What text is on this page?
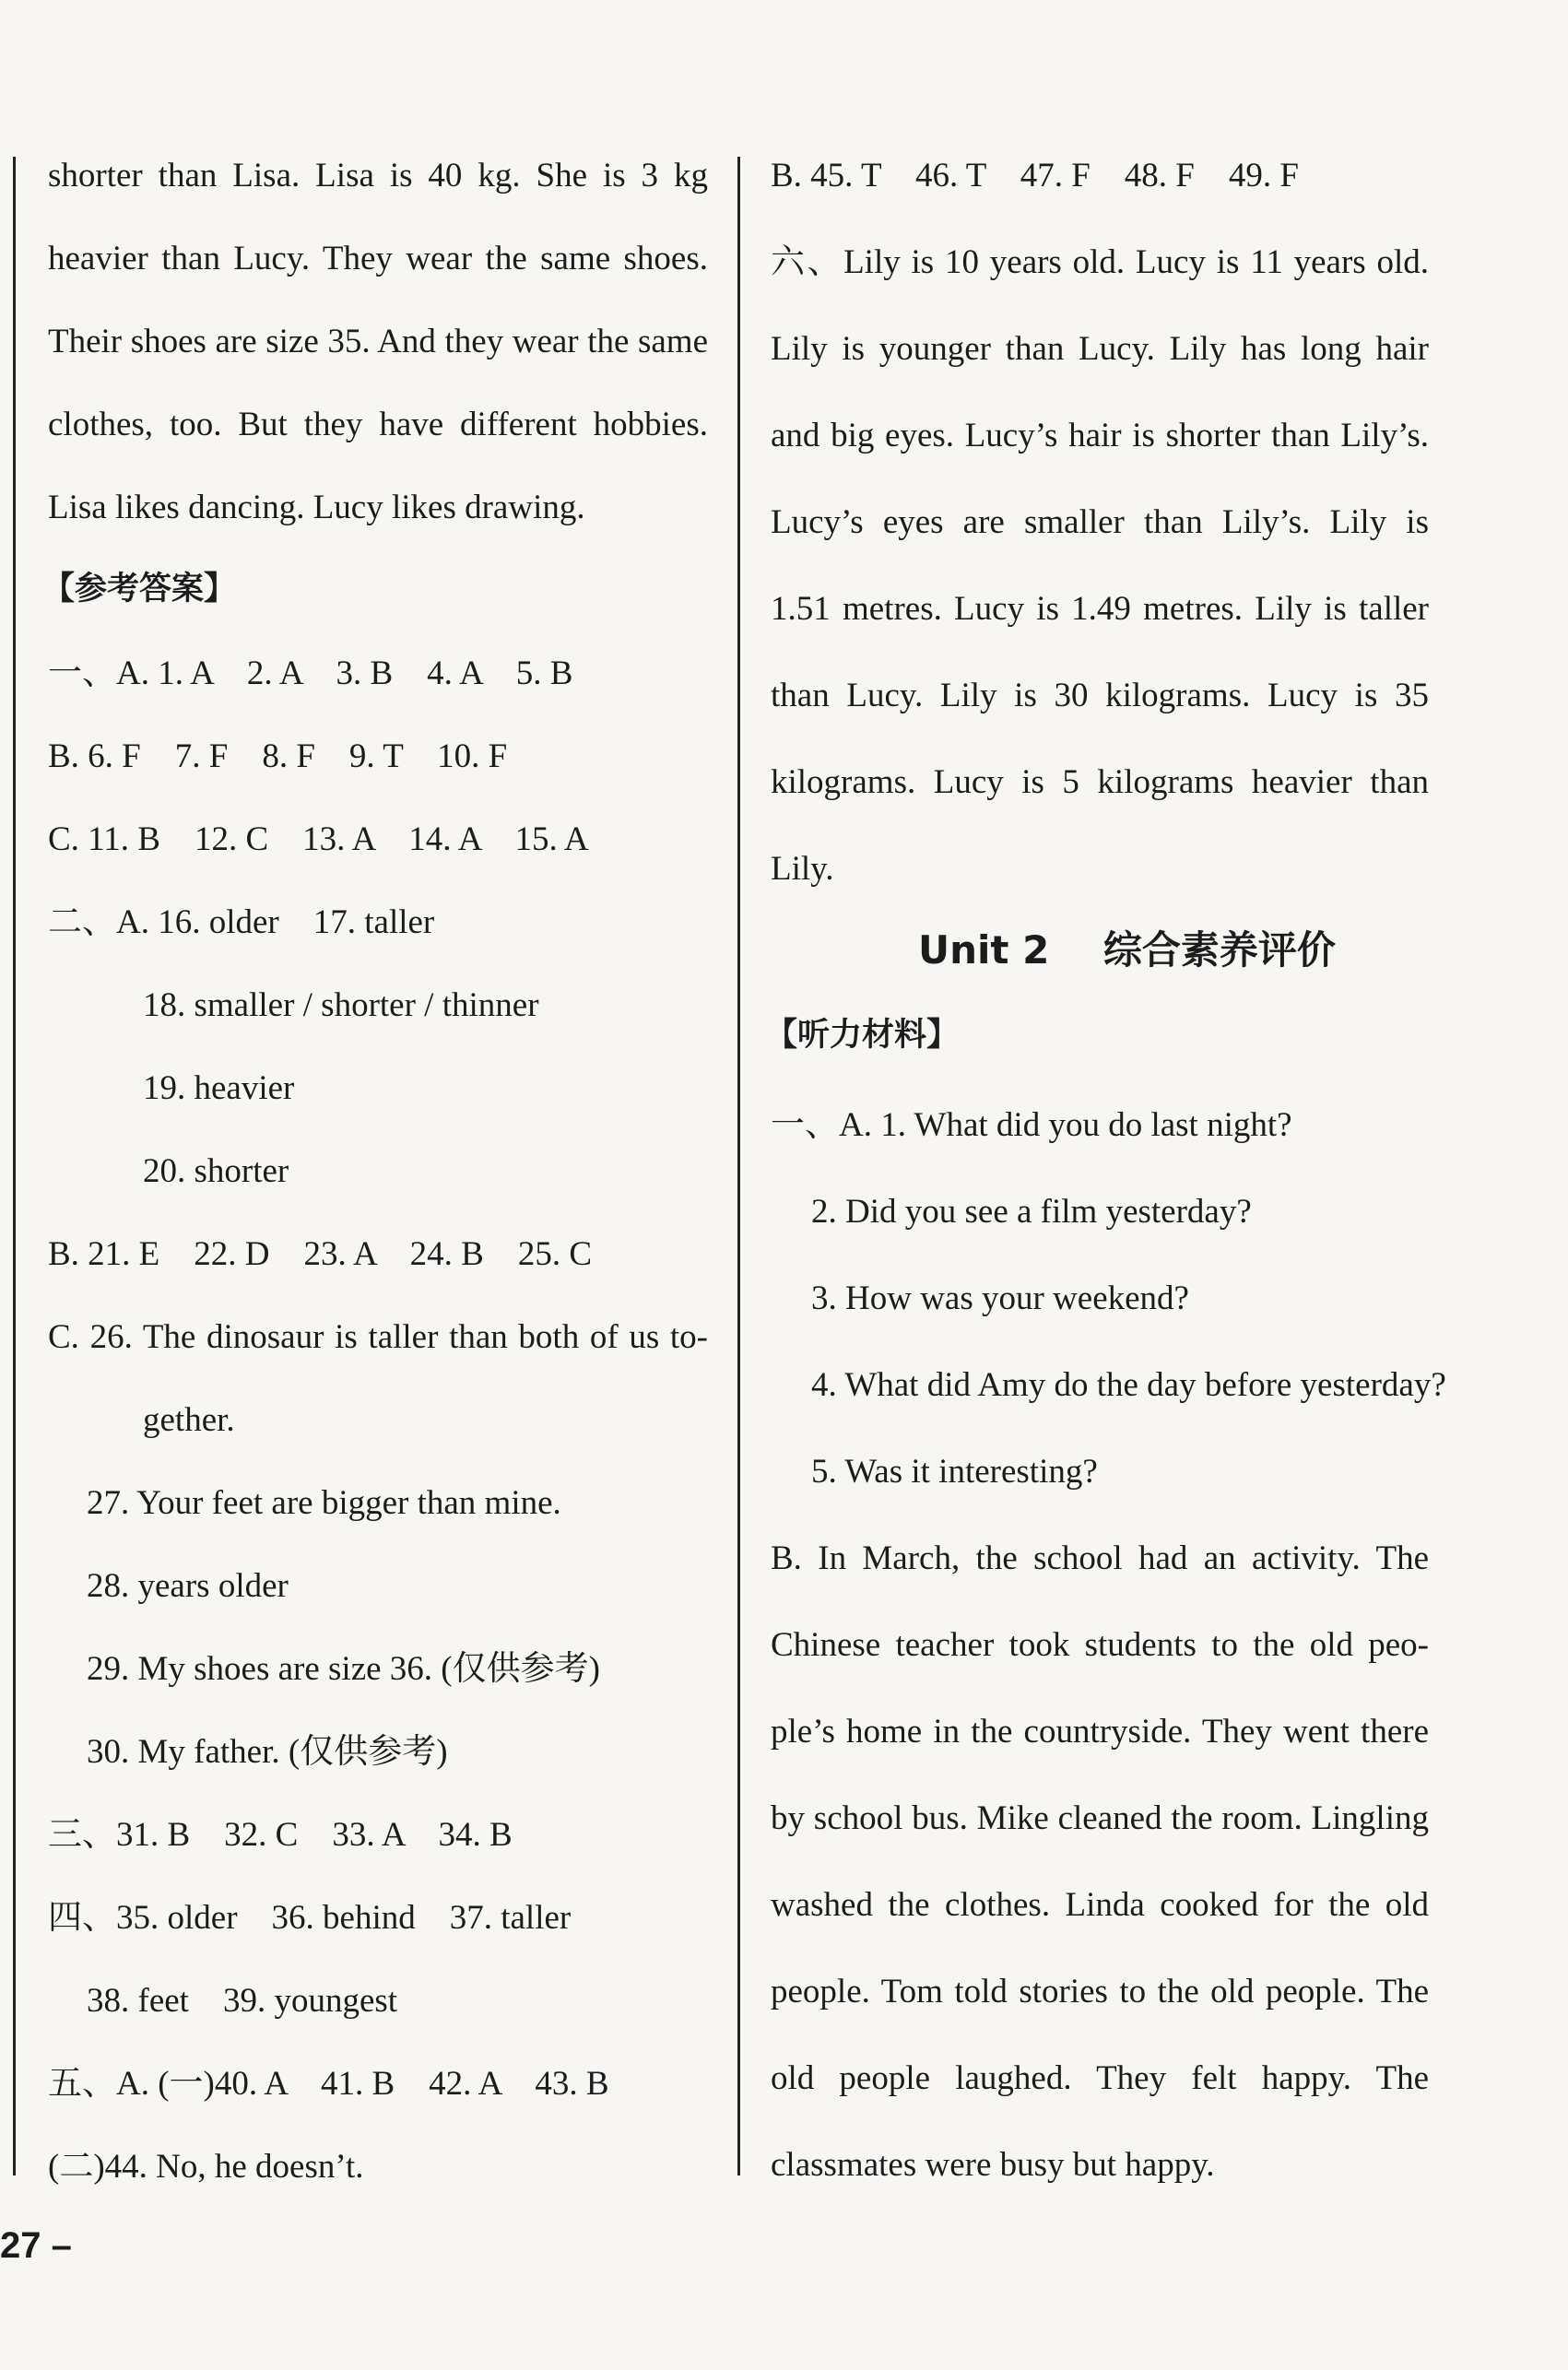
shorter than Lisa. Lisa is 40 kg. She is 3 kg
heavier than Lucy. They wear the same shoes.
Their shoes are size 35. And they wear the same
clothes, too. But they have different hobbies.
Lisa likes dancing. Lucy likes drawing.
【参考答案】
一、A. 1. A    2. A    3. B    4. A    5. B
B. 6. F    7. F    8. F    9. T    10. F
C. 11. B    12. C    13. A    14. A    15. A
二、A. 16. older    17. taller
18. smaller / shorter / thinner
19. heavier
20. shorter
B. 21. E    22. D    23. A    24. B    25. C
C. 26. The dinosaur is taller than both of us to-
gether.
27. Your feet are bigger than mine.
28. years older
29. My shoes are size 36. (仅供参考)
30. My father. (仅供参考)
三、31. B    32. C    33. A    34. B
四、35. older    36. behind    37. taller
38. feet    39. youngest
五、A. (一)40. A    41. B    42. A    43. B
(二)44. No, he doesn’t.
B. 45. T    46. T    47. F    48. F    49. F
六、Lily is 10 years old. Lucy is 11 years old.
Lily is younger than Lucy. Lily has long hair
and big eyes. Lucy’s hair is shorter than Lily’s.
Lucy’s eyes are smaller than Lily’s. Lily is
1.51 metres. Lucy is 1.49 metres. Lily is taller
than Lucy. Lily is 30 kilograms. Lucy is 35
kilograms. Lucy is 5 kilograms heavier than
Lily.
Unit 2    综合素养评价
【听力材料】
一、A. 1. What did you do last night?
2. Did you see a film yesterday?
3. How was your weekend?
4. What did Amy do the day before yesterday?
5. Was it interesting?
B. In March, the school had an activity. The
Chinese teacher took students to the old peo-
ple’s home in the countryside. They went there
by school bus. Mike cleaned the room. Lingling
washed the clothes. Linda cooked for the old
people. Tom told stories to the old people. The
old people laughed. They felt happy. The
classmates were busy but happy.
27 –
